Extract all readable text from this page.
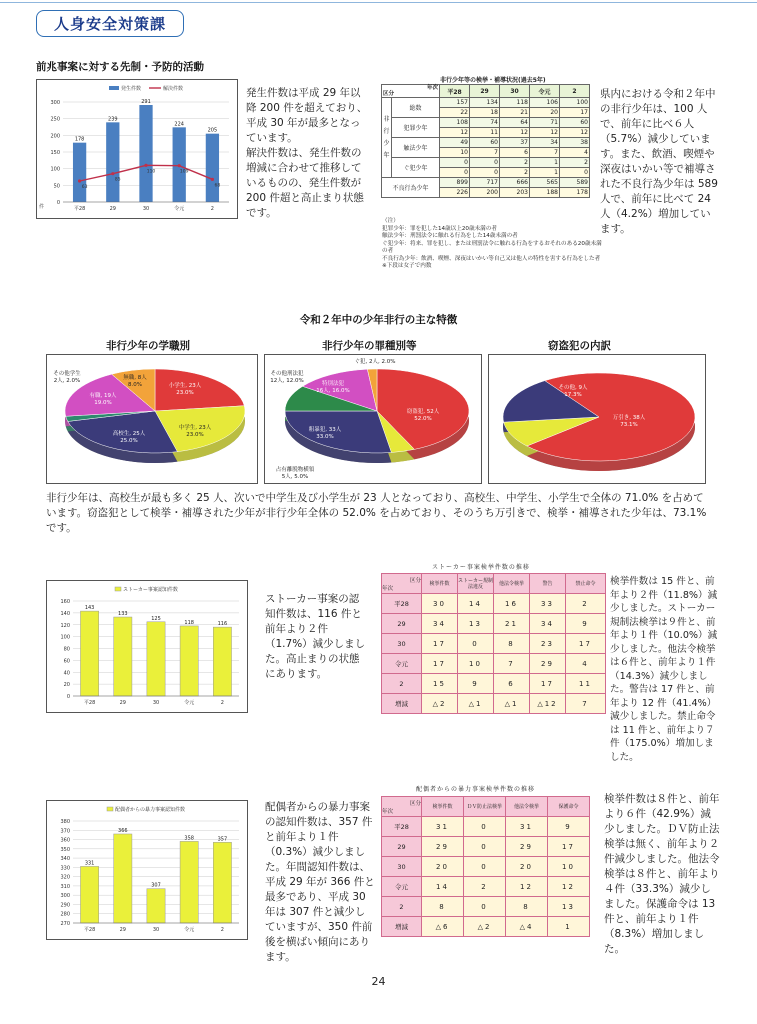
人身安全対策課
前兆事案に対する先制・予防的活動
300
250
200
150
100
50
0
178
平28
239
29
291
30
224
令元
205
2
63
85
110	109
68
発生件数	解決件数
件
発生件数は平成 29 年以降 200 件を超えており、平成 30 年が最多となっています。
解決件数は、発生件数の増減に合わせて推移しているものの、発生件数が 200 件超と高止まり状態です。
非行少年等の検挙・補導状況(過去5年)
年次
区分		平28	29	30	令元	2
非
行
少
年	総数	157	134	118	106	100
		22	18	21	20	17
	犯罪少年	108	74	64	71	60
		12	11	12	12	12
	触法少年	49	60	37	34	38
		10	7	6	7	4
	ぐ犯少年	0	0	2	1	2
		0	0	2	1	0
不良行為少年		899	717	666	565	589
		226	200	203	188	178
（注）
犯罪少年：罪を犯した14歳以上20歳未満の者
触法少年：刑罰法令に触れる行為をした14歳未満の者
ぐ犯少年：将来、罪を犯し、または刑罰法令に触れる行為をするおそれのある20歳未満の者
不良行為少年：飲酒、喫煙、深夜はいかい等自己又は他人の特性を害する行為をした者
※下段は女子で内数
県内における令和２年中の非行少年は、100 人で、前年に比べ６人（5.7%）減少しています。また、飲酒、喫煙や深夜はいかい等で補導された不良行為少年は 589 人で、前年に比べて 24 人（4.2%）増加しています。
令和２年中の少年非行の主な特徴
非行少年の学職別	非行少年の罪種別等	窃盗犯の内訳
小学生, 23人 23.0%
中学生, 23人 23.0%
高校生, 25人 25.0%
その他学生 2人, 2.0%
有職, 19人 19.0%
無職, 8人 8.0%
窃盗犯, 52人 52.0%
占有離脱物横領 5人, 5.0%
粗暴犯, 33人 33.0%
その他刑法犯 12人, 12.0%	特別法犯 16人, 16.0%
ぐ犯, 2人, 2.0%
万引き, 38人 73.1%
その他, 9人 17.3%
非行少年は、高校生が最も多く 25 人、次いで中学生及び小学生が 23 人となっており、高校生、中学生、小学生で全体の 71.0% を占めています。窃盗犯として検挙・補導された少年が非行少年全体の 52.0% を占めており、そのうち万引きで、検挙・補導された少年は、73.1%です。
160
140
120
100
80
60
40
20
0
143
平28
133
29
125
30
118
令元
116
2
ストーカー事案認知件数
ストーカー事案の認知件数は、116 件と前年より２件（1.7%）減少しました。高止まりの状態にあります。
ストーカー事案検挙件数の推移
区分
年次	検挙件数	ストーカー規制法違反	他法令検挙	警告	禁止命令
平28	30	14	16	33	2
29	34	13	21	34	9
30	17	0	8	23	17
令元	17	10	7	29	4
2	15	9	6	17	11
増減	△2	△1	△1	△12	7
検挙件数は 15 件と、前年より２件（11.8%）減少しました。ストーカー規制法検挙は９件と、前年より１件（10.0%）減少しました。他法令検挙は６件と、前年より１件（14.3%）減少しました。警告は 17 件と、前年より 12 件（41.4%）減少しました。禁止命令は 11 件と、前年より７件（175.0%）増加しました。
380
370
360
350
340
330
320
310
300
290
280
270
331
平28
366
29
307
30
358
令元
357
2
配偶者からの暴力事案認知件数	配偶者からの暴力事案の認知件数は、357 件と前年より１件（0.3%）減少しました。年間認知件数は、平成 29 年が 366 件と最多であり、平成 30 年は 307 件と減少していますが、350 件前後を横ばい傾向にあります。
配偶者からの暴力事案検挙件数の推移
区分
年次	検挙件数	ＤＶ防止法検挙	他法令検挙	保護命令
平28	31	0	31	9
29	29	0	29	17
30	20	0	20	10
令元	14	2	12	12
2	8	0	8	13
増減	△6	△2	△4	1
検挙件数は８件と、前年より６件（42.9%）減少しました。ＤＶ防止法検挙は無く、前年より２件減少しました。他法令検挙は８件と、前年より４件（33.3%）減少しました。保護命令は 13 件と、前年より１件（8.3%）増加しました。
24
